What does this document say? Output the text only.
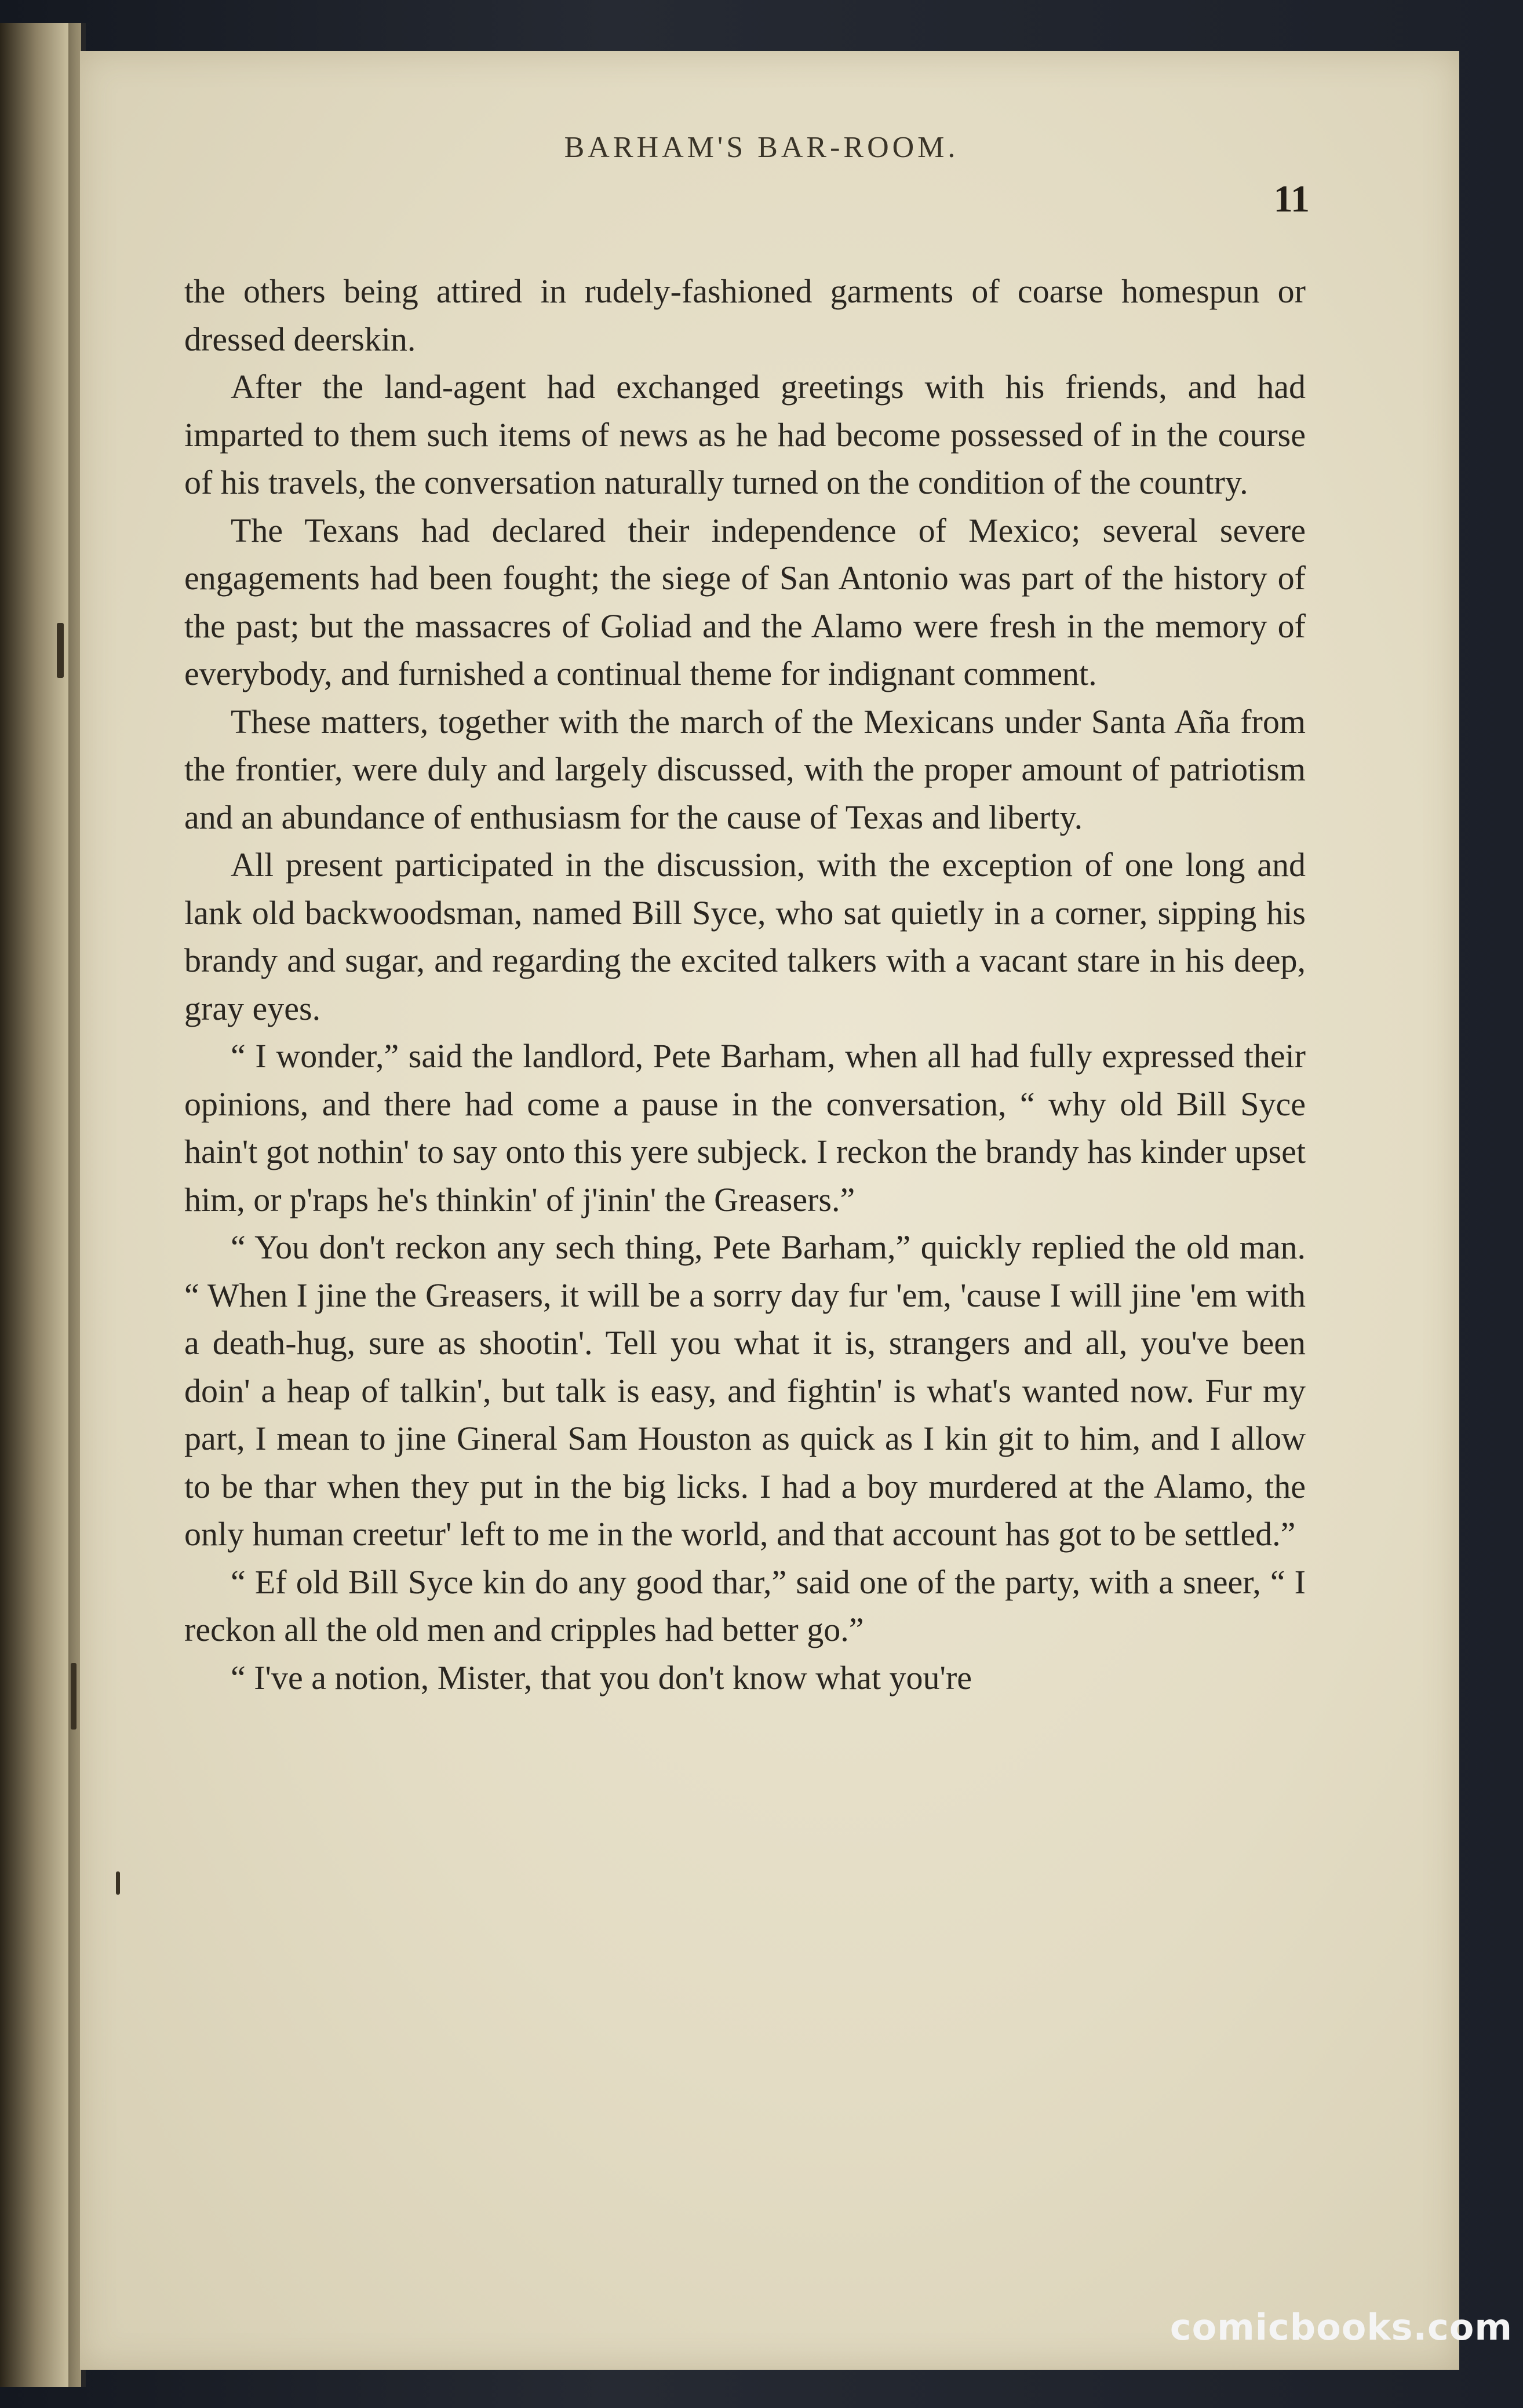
BARHAM'S BAR-ROOM.
11

the others being attired in rudely-fashioned garments of coarse homespun or dressed deerskin.

After the land-agent had exchanged greetings with his friends, and had imparted to them such items of news as he had become possessed of in the course of his travels, the conversation naturally turned on the condition of the country.

The Texans had declared their independence of Mexico; several severe engagements had been fought; the siege of San Antonio was part of the history of the past; but the massacres of Goliad and the Alamo were fresh in the memory of everybody, and furnished a continual theme for indignant comment.

These matters, together with the march of the Mexicans under Santa Aña from the frontier, were duly and largely discussed, with the proper amount of patriotism and an abundance of enthusiasm for the cause of Texas and liberty.

All present participated in the discussion, with the exception of one long and lank old backwoodsman, named Bill Syce, who sat quietly in a corner, sipping his brandy and sugar, and regarding the excited talkers with a vacant stare in his deep, gray eyes.

“ I wonder,” said the landlord, Pete Barham, when all had fully expressed their opinions, and there had come a pause in the conversation, “ why old Bill Syce hain't got nothin' to say onto this yere subjeck. I reckon the brandy has kinder upset him, or p'raps he's thinkin' of j'inin' the Greasers.”

“ You don't reckon any sech thing, Pete Barham,” quickly replied the old man. “ When I jine the Greasers, it will be a sorry day fur 'em, 'cause I will jine 'em with a death-hug, sure as shootin'. Tell you what it is, strangers and all, you've been doin' a heap of talkin', but talk is easy, and fightin' is what's wanted now. Fur my part, I mean to jine Gineral Sam Houston as quick as I kin git to him, and I allow to be thar when they put in the big licks. I had a boy murdered at the Alamo, the only human creetur' left to me in the world, and that account has got to be settled.”

“ Ef old Bill Syce kin do any good thar,” said one of the party, with a sneer, “ I reckon all the old men and cripples had better go.”

“ I've a notion, Mister, that you don't know what you're

comicbooks.com
